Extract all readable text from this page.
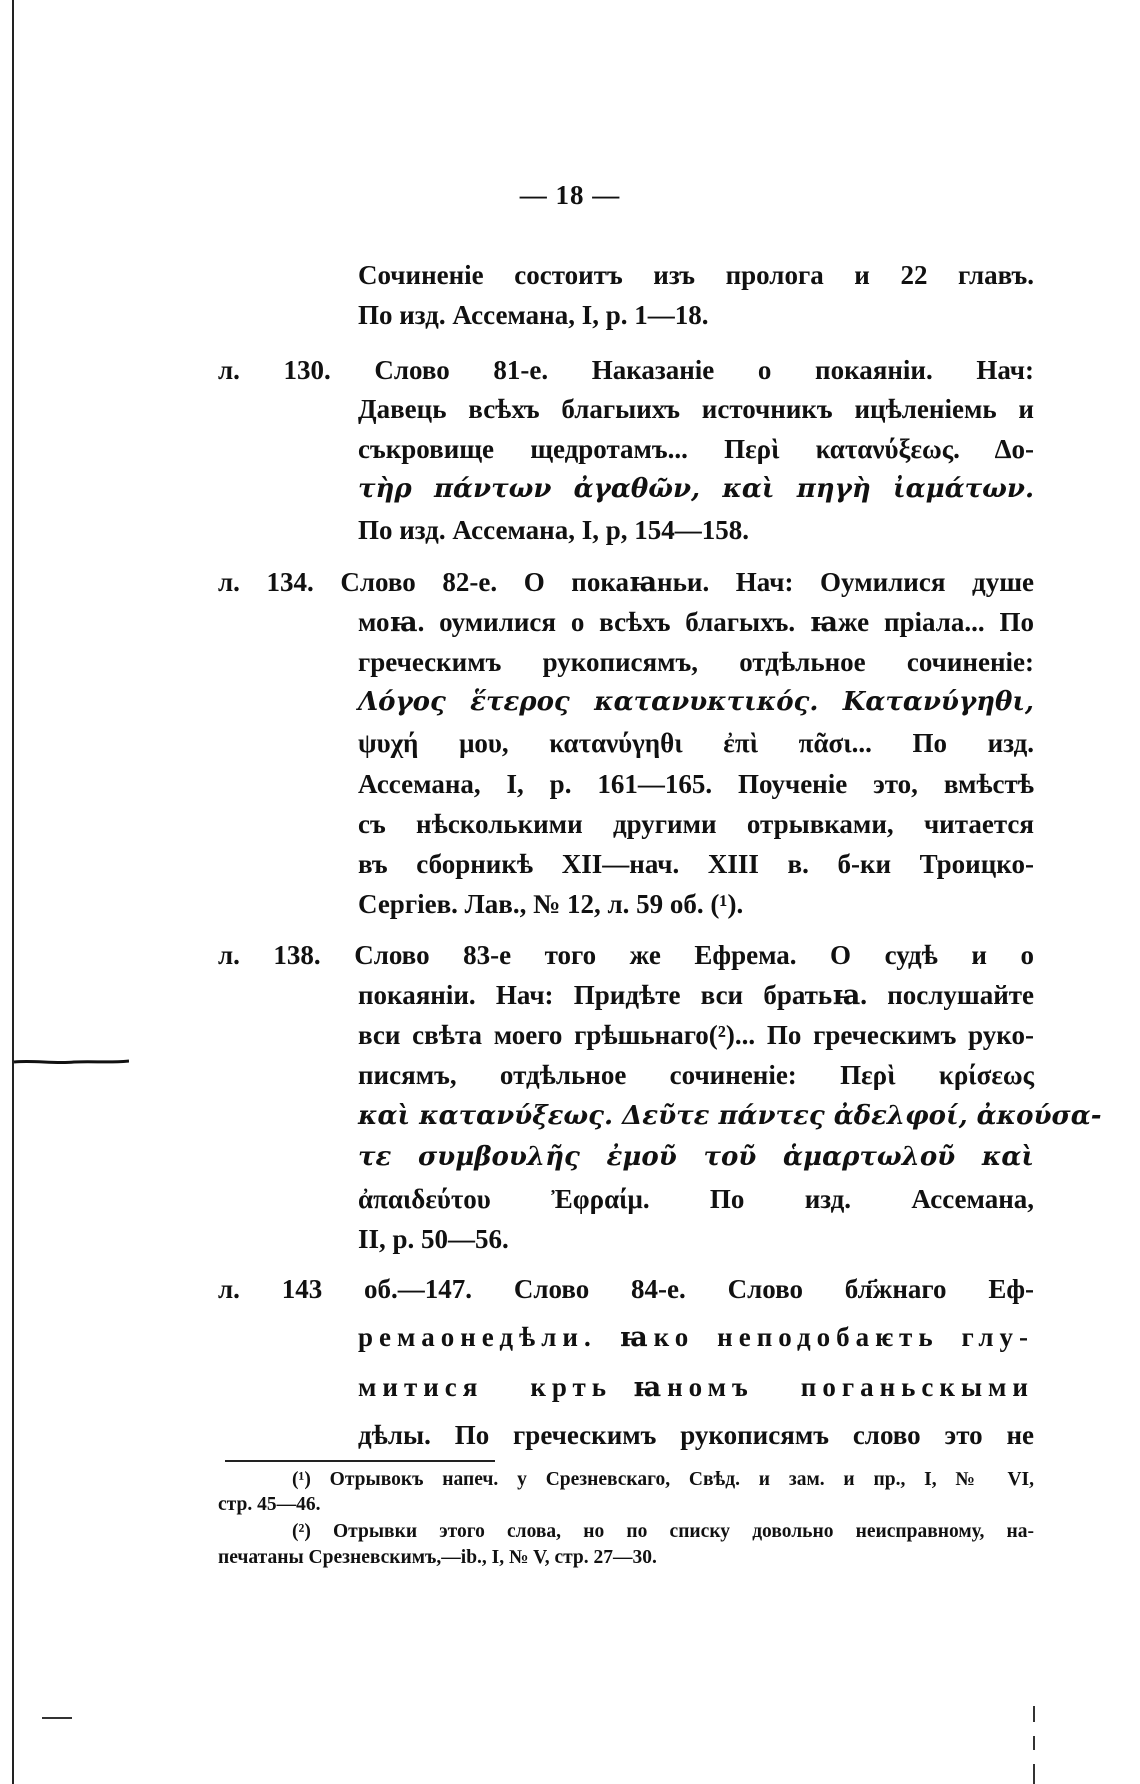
— 18 —
Сочиненіе состоитъ изъ пролога и 22 главъ.
По изд. Ассемана, I, p. 1—18.
л. 130. Слово 81-е. Наказаніе о покаяніи. Нач:
Давець всѣхъ благыихъ источникъ ицѣленіемь и
съкровище щедротамъ... Περὶ κατανύξεως. Δο-
τὴρ πάντων ἀγαθῶν, καὶ πηγὴ ἰαμάτων.
По изд. Ассемана, I, p, 154—158.
л. 134. Слово 82-е. О покаꙗньи. Нач: Оумилися душе
моꙗ. оумилися о всѣхъ благыхъ. ꙗже пріала... По
греческимъ рукописямъ, отдѣльное сочиненіе:
Λόγος ἕτερος κατανυκτικός. Κατανύγηθι,
ψυχή μου, κατανύγηθι ἐπὶ πᾶσι... По изд.
Ассемана, I, p. 161—165. Поученіе это, вмѣстѣ
съ нѣсколькими другими отрывками, читается
въ сборникѣ XII—нач. XIII в. б-ки Троицко-
Сергіев. Лав., № 12, л. 59 об. (¹).
л. 138. Слово 83-е того же Ефрема. О судѣ и о
покаяніи. Нач: Придѣте вси братьꙗ. послушайте
вси свѣта моего грѣшьнаго(²)... По греческимъ руко-
писямъ, отдѣльное сочиненіе: Περὶ κρίσεως
καὶ κατανύξεως. Δεῦτε πάντες ἀδελφοί, ἀκούσα-
τε συμβουλῆς ἐμοῦ τοῦ ἁμαρτωλοῦ καὶ
ἀπαιδεύτου Ἐφραίμ. По изд. Ассемана,
II, p. 50—56.
л. 143 об.—147. Слово 84-е. Слово бл҃жнаго Еф-
ремаонедѣли. ꙗко неподобаѥть глу-
митися крть꙼ꙗномъ поганьскыми
дѣлы. По греческимъ рукописямъ слово это не
(¹) Отрывокъ напеч. у Срезневскаго, Свѣд. и зам. и пр., I, № VI,
стр. 45—46.
(²) Отрывки этого слова, но по списку довольно неисправному, на-
печатаны Срезневскимъ,—ib., I, № V, стр. 27—30.
